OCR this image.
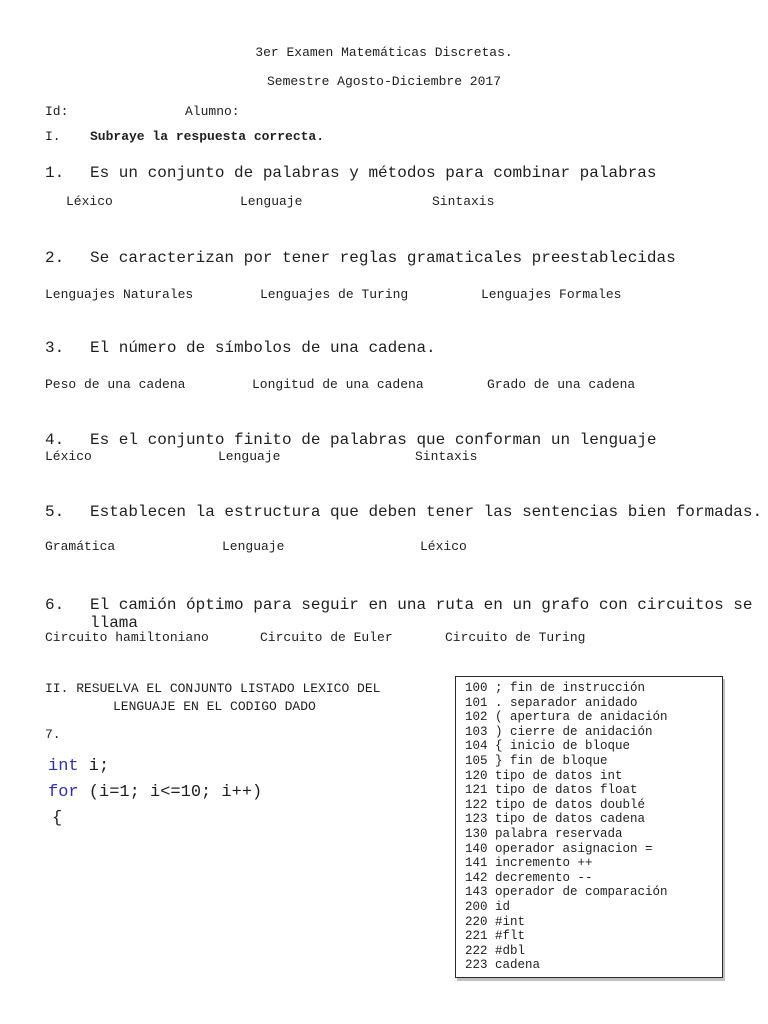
3er Examen Matemáticas Discretas.
Semestre Agosto-Diciembre 2017
Id:	Alumno:
I. Subraye la respuesta correcta.
1. Es un conjunto de palabras y métodos para combinar palabras
Léxico	Lenguaje	Sintaxis
2. Se caracterizan por tener reglas gramaticales preestablecidas
Lenguajes Naturales	Lenguajes de Turing	Lenguajes Formales
3. El número de símbolos de una cadena.
Peso de una cadena	Longitud de una cadena	Grado de una cadena
4. Es el conjunto finito de palabras que conforman un lenguaje
Léxico	Lenguaje	Sintaxis
5. Establecen la estructura que deben tener las sentencias bien formadas.
Gramática	Lenguaje	Léxico
6. El camión óptimo para seguir en una ruta en un grafo con circuitos se llama
Circuito hamiltoniano	Circuito de Euler	Circuito de Turing
II. RESUELVA EL CONJUNTO LISTADO LEXICO DEL
LENGUAJE EN EL CODIGO DADO
7.
int i;
for (i=1; i<=10; i++)
{
100 ; fin de instrucción
101 . separador anidado
102 ( apertura de anidación
103 ) cierre de anidación
104 { inicio de bloque
105 } fin de bloque
120 tipo de datos int
121 tipo de datos float
122 tipo de datos doublé
123 tipo de datos cadena
130 palabra reservada
140 operador asignacion =
141 incremento ++
142 decremento --
143 operador de comparación
200 id
220 #int
221 #flt
222 #dbl
223 cadena
